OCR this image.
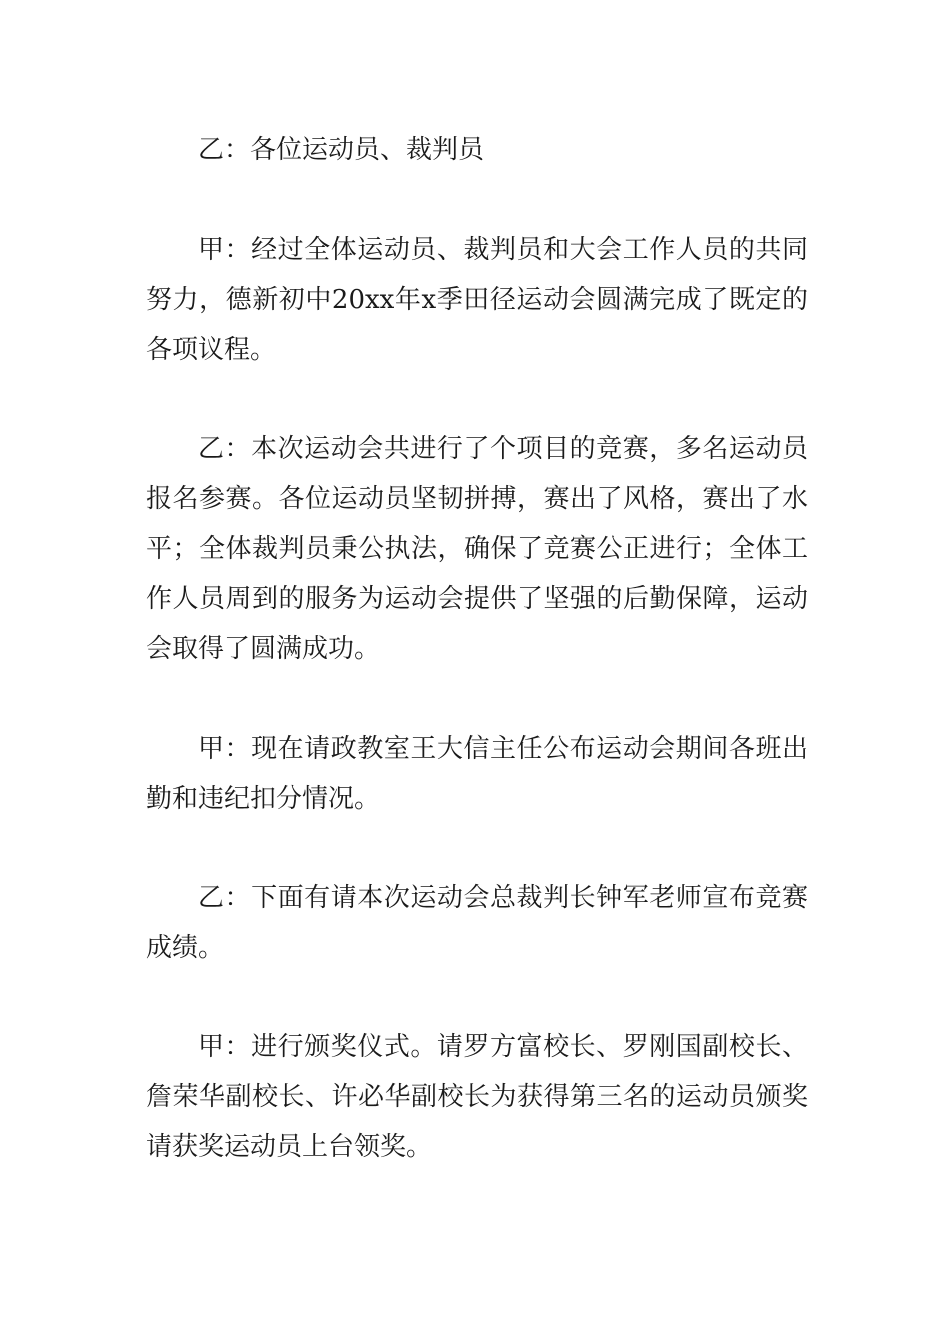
乙：各位运动员、裁判员

甲：经过全体运动员、裁判员和大会工作人员的共同努力，德新初中20xx年x季田径运动会圆满完成了既定的各项议程。

乙：本次运动会共进行了个项目的竞赛，多名运动员报名参赛。各位运动员坚韧拼搏，赛出了风格，赛出了水平；全体裁判员秉公执法，确保了竞赛公正进行；全体工作人员周到的服务为运动会提供了坚强的后勤保障，运动会取得了圆满成功。

甲：现在请政教室王大信主任公布运动会期间各班出勤和违纪扣分情况。

乙：下面有请本次运动会总裁判长钟军老师宣布竞赛成绩。

甲：进行颁奖仪式。请罗方富校长、罗刚国副校长、詹荣华副校长、许必华副校长为获得第三名的运动员颁奖请获奖运动员上台领奖。
